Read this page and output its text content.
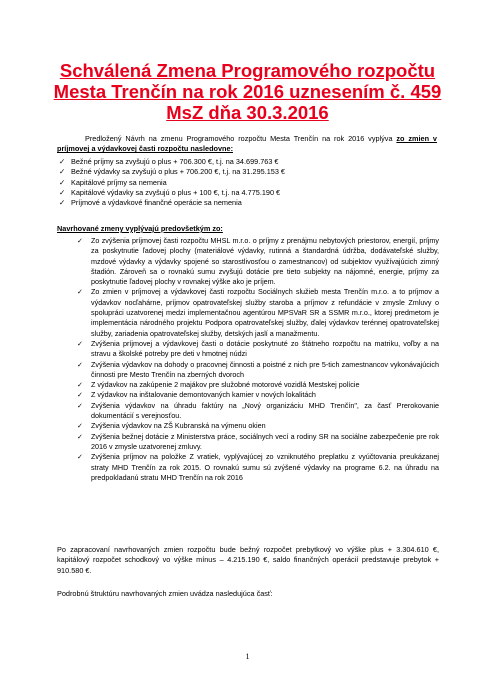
Schválená Zmena Programového rozpočtu
Mesta Trenčín na rok 2016 uznesením č. 459
MsZ dňa 30.3.2016
Predložený Návrh na zmenu Programového rozpočtu Mesta Trenčín na rok 2016 vyplýva zo zmien v príjmovej a výdavkovej časti rozpočtu nasledovne:
✓ Bežné príjmy sa zvyšujú o plus + 706.300 €, t.j. na 34.699.763 €
✓ Bežné výdavky sa zvyšujú o plus + 706.200 €, t.j. na 31.295.153 €
✓ Kapitálové príjmy sa nemenia
✓ Kapitálové výdavky sa zvyšujú o plus + 100 €, t.j. na 4.775.190 €
✓ Príjmové a výdavkové finančné operácie sa nemenia
Navrhované zmeny vyplývajú predovšetkým zo:
✓ Zo zvýšenia príjmovej časti rozpočtu MHSL m.r.o. o príjmy z prenájmu nebytových priestorov, energií, príjmy za poskytnutie ľadovej plochy (materiálové výdavky, rutinná a štandardná údržba, dodávateľské služby, mzdové výdavky a výdavky spojené so starostlivosťou o zamestnancov) od subjektov využívajúcich zimný štadión. Zároveň sa o rovnakú sumu zvyšujú dotácie pre tieto subjekty na nájomné, energie, príjmy za poskytnutie ľadovej plochy v rovnakej výške ako je príjem.
✓ Zo zmien v príjmovej a výdavkovej časti rozpočtu Sociálnych služieb mesta Trenčín m.r.o. a to príjmov a výdavkov nocľahárne, príjmov opatrovateľskej služby staroba a príjmov z refundácie v zmysle Zmluvy o spolupráci uzatvorenej medzi implementačnou agentúrou MPSVaR SR a SSMR m.r.o., ktorej predmetom je implementácia národného projektu Podpora opatrovateľskej služby, ďalej výdavkov terénnej opatrovateľskej služby, zariadenia opatrovateľskej služby, detských jaslí a manažmentu.
✓ Zvýšenia príjmovej a výdavkovej časti o dotácie poskytnuté zo štátneho rozpočtu na matriku, voľby a na stravu a školské potreby pre deti v hmotnej núdzi
✓ Zvýšenia výdavkov na dohody o pracovnej činnosti a poistné z nich pre 5-tich zamestnancov vykonávajúcich činnosti pre Mesto Trenčín na zberných dvoroch
✓ Z výdavkov na zakúpenie 2 majákov pre služobné motorové vozidlá Mestskej polície
✓ Z výdavkov na inštalovanie demontovaných kamier v nových lokalitách
✓ Zvýšenia výdavkov na úhradu faktúry na „Nový organizáciu MHD Trenčín", za časť Prerokovanie dokumentácií s verejnosťou.
✓ Zvýšenia výdavkov na ZŠ Kubranská na výmenu okien
✓ Zvýšenia bežnej dotácie z Ministerstva práce, sociálnych vecí a rodiny SR na sociálne zabezpečenie pre rok 2016 v zmysle uzatvorenej zmluvy.
✓ Zvýšenia príjmov na položke Z vratiek, vyplývajúcej zo vzniknutého preplatku z vyúčtovania preukázanej straty MHD Trenčín za rok 2015. O rovnakú sumu sú zvýšené výdavky na programe 6.2. na úhradu na predpokladanú stratu MHD Trenčín na rok 2016
Po zapracovaní navrhovaných zmien rozpočtu bude bežný rozpočet prebytkový vo výške plus + 3.304.610 €, kapitálový rozpočet schodkový vo výške mínus – 4.215.190 €, saldo finančných operácií predstavuje prebytok + 910.580 €.
Podrobnú štruktúru navrhovaných zmien uvádza nasledujúca časť:
1
